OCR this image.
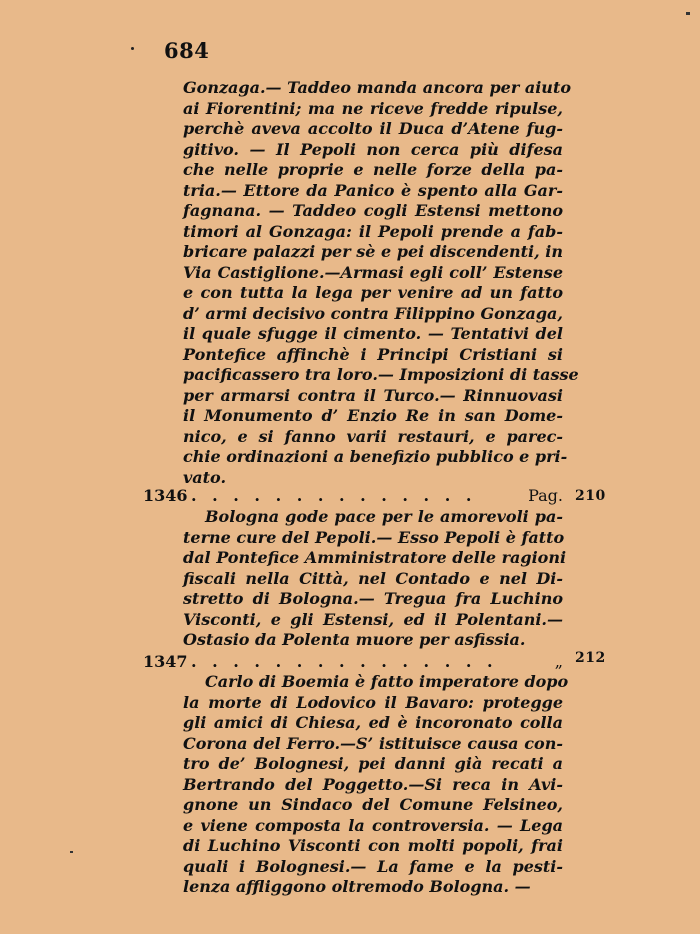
684
Gonzaga.— Taddeo manda ancora per aiuto
ai Fiorentini; ma ne riceve fredde ripulse,
perchè aveva accolto il Duca d’Atene fug-
gitivo. — Il Pepoli non cerca più difesa
che nelle proprie e nelle forze della pa-
tria.— Ettore da Panico è spento alla Gar-
fagnana. — Taddeo cogli Estensi mettono
timori al Gonzaga: il Pepoli prende a fab-
bricare palazzi per sè e pei discendenti, in
Via Castiglione.—Armasi egli coll’ Estense
e con tutta la lega per venire ad un fatto
d’ armi decisivo contra Filippino Gonzaga,
il quale sfugge il cimento. — Tentativi del
Pontefice affinchè i Principi Cristiani si
pacificassero tra loro.— Imposizioni di tasse
per armarsi contra il Turco.— Rinnuovasi
il Monumento d’ Enzio Re in san Dome-
nico, e si fanno varii restauri, e parec-
chie ordinazioni a benefizio pubblico e pri-
vato.
1346 . . . . . . . . . . . . . .	Pag. 210
Bologna gode pace per le amorevoli pa-
terne cure del Pepoli.— Esso Pepoli è fatto
dal Pontefice Amministratore delle ragioni
fiscali nella Città, nel Contado e nel Di-
stretto di Bologna.— Tregua fra Luchino
Visconti, e gli Estensi, ed il Polentani.—
Ostasio da Polenta muore per asfissia.
1347 . . . . . . . . . . . . . . .	„ 212
Carlo di Boemia è fatto imperatore dopo
la morte di Lodovico il Bavaro: protegge
gli amici di Chiesa, ed è incoronato colla
Corona del Ferro.—S’ istituisce causa con-
tro de’ Bolognesi, pei danni già recati a
Bertrando del Poggetto.—Si reca in Avi-
gnone un Sindaco del Comune Felsineo,
e viene composta la controversia. — Lega
di Luchino Visconti con molti popoli, frai
quali i Bolognesi.— La fame e la pesti-
lenza affliggono oltremodo Bologna. —
